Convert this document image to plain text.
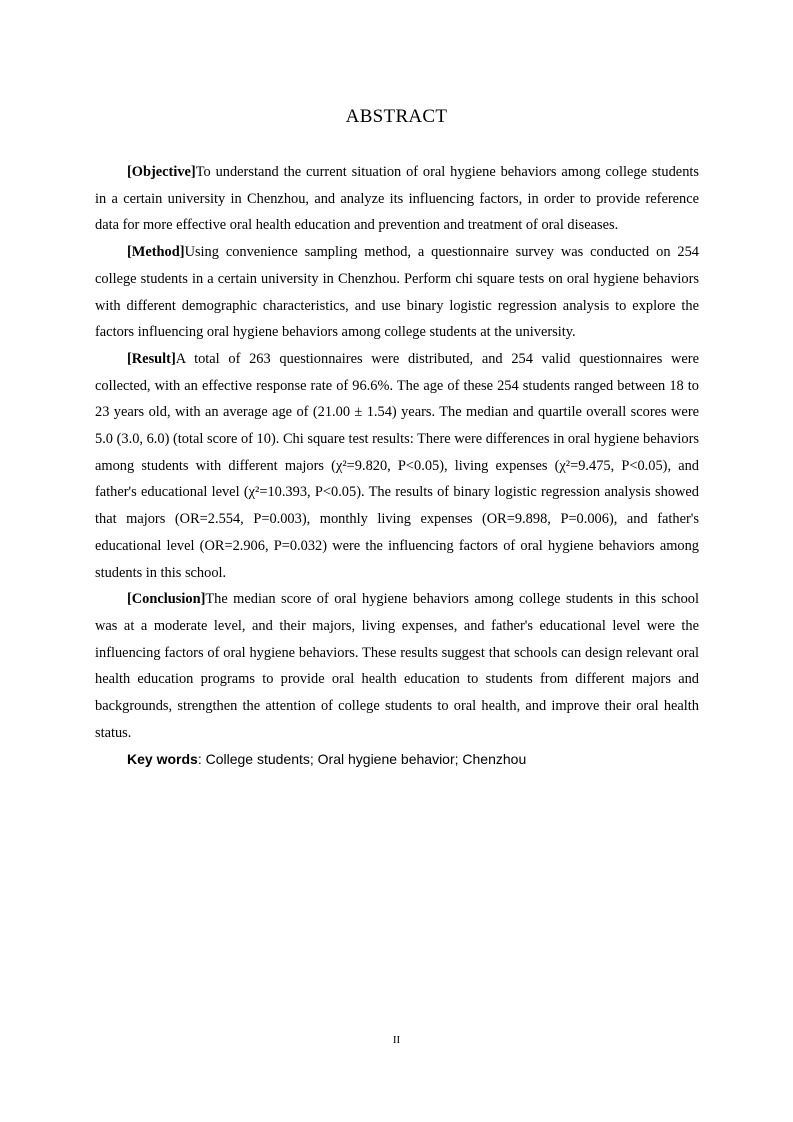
ABSTRACT

[Objective]To understand the current situation of oral hygiene behaviors among college students in a certain university in Chenzhou, and analyze its influencing factors, in order to provide reference data for more effective oral health education and prevention and treatment of oral diseases.

[Method]Using convenience sampling method, a questionnaire survey was conducted on 254 college students in a certain university in Chenzhou. Perform chi square tests on oral hygiene behaviors with different demographic characteristics, and use binary logistic regression analysis to explore the factors influencing oral hygiene behaviors among college students at the university.

[Result]A total of 263 questionnaires were distributed, and 254 valid questionnaires were collected, with an effective response rate of 96.6%. The age of these 254 students ranged between 18 to 23 years old, with an average age of (21.00 ± 1.54) years. The median and quartile overall scores were 5.0 (3.0, 6.0) (total score of 10). Chi square test results: There were differences in oral hygiene behaviors among students with different majors (χ²=9.820, P<0.05), living expenses (χ²=9.475, P<0.05), and father's educational level (χ²=10.393, P<0.05). The results of binary logistic regression analysis showed that majors (OR=2.554, P=0.003), monthly living expenses (OR=9.898, P=0.006), and father's educational level (OR=2.906, P=0.032) were the influencing factors of oral hygiene behaviors among students in this school.

[Conclusion]The median score of oral hygiene behaviors among college students in this school was at a moderate level, and their majors, living expenses, and father's educational level were the influencing factors of oral hygiene behaviors. These results suggest that schools can design relevant oral health education programs to provide oral health education to students from different majors and backgrounds, strengthen the attention of college students to oral health, and improve their oral health status.

Key words: College students; Oral hygiene behavior; Chenzhou

II
